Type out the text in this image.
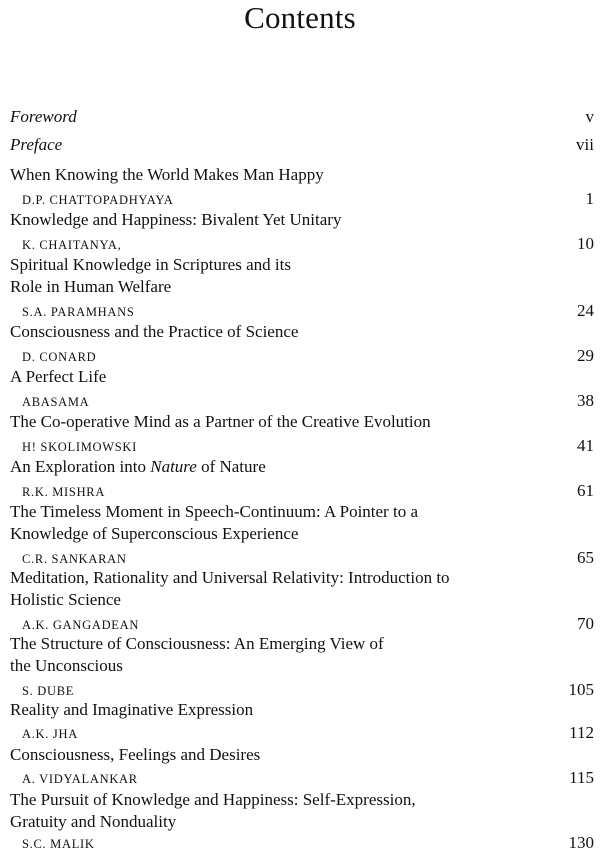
Contents
Foreword	v
Preface	vii
When Knowing the World Makes Man Happy
D.P. CHATTOPADHYAYA	1
Knowledge and Happiness: Bivalent Yet Unitary
K. CHAITANYA,	10
Spiritual Knowledge in Scriptures and its
Role in Human Welfare
S.A. PARAMHANS	24
Consciousness and the Practice of Science
D. CONARD	29
A Perfect Life
ABASAMA	38
The Co-operative Mind as a Partner of the Creative Evolution
H! SKOLIMOWSKI	41
An Exploration into Nature of Nature
R.K. MISHRA	61
The Timeless Moment in Speech-Continuum: A Pointer to a
Knowledge of Superconscious Experience
C.R. SANKARAN	65
Meditation, Rationality and Universal Relativity: Introduction to
Holistic Science
A.K. GANGADEAN	70
The Structure of Consciousness: An Emerging View of
the Unconscious
S. DUBE	105
Reality and Imaginative Expression
A.K. JHA	112
Consciousness, Feelings and Desires
A. VIDYALANKAR	115
The Pursuit of Knowledge and Happiness: Self-Expression,
Gratuity and Nonduality
S.C. MALIK	130
